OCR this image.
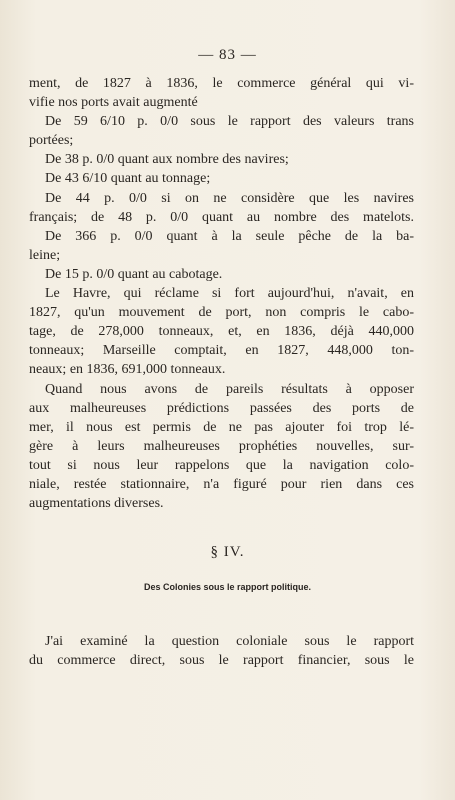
— 83 —
ment, de 1827 à 1836, le commerce général qui vi-
vifie nos ports avait augmenté
De 59 6/10 p. 0/0 sous le rapport des valeurs trans
portées;
De 38 p. 0/0 quant aux nombre des navires;
De 43 6/10 quant au tonnage;
De 44 p. 0/0 si on ne considère que les navires
français; de 48 p. 0/0 quant au nombre des matelots.
De 366 p. 0/0 quant à la seule pêche de la ba-
leine;
De 15 p. 0/0 quant au cabotage.
Le Havre, qui réclame si fort aujourd'hui, n'avait, en
1827, qu'un mouvement de port, non compris le cabo-
tage, de 278,000 tonneaux, et, en 1836, déjà 440,000
tonneaux; Marseille comptait, en 1827, 448,000 ton-
neaux; en 1836, 691,000 tonneaux.
Quand nous avons de pareils résultats à opposer
aux malheureuses prédictions passées des ports de
mer, il nous est permis de ne pas ajouter foi trop lé-
gère à leurs malheureuses prophéties nouvelles, sur-
tout si nous leur rappelons que la navigation colo-
niale, restée stationnaire, n'a figuré pour rien dans ces
augmentations diverses.
§ IV.
Des Colonies sous le rapport politique.
J'ai examiné la question coloniale sous le rapport
du commerce direct, sous le rapport financier, sous le
